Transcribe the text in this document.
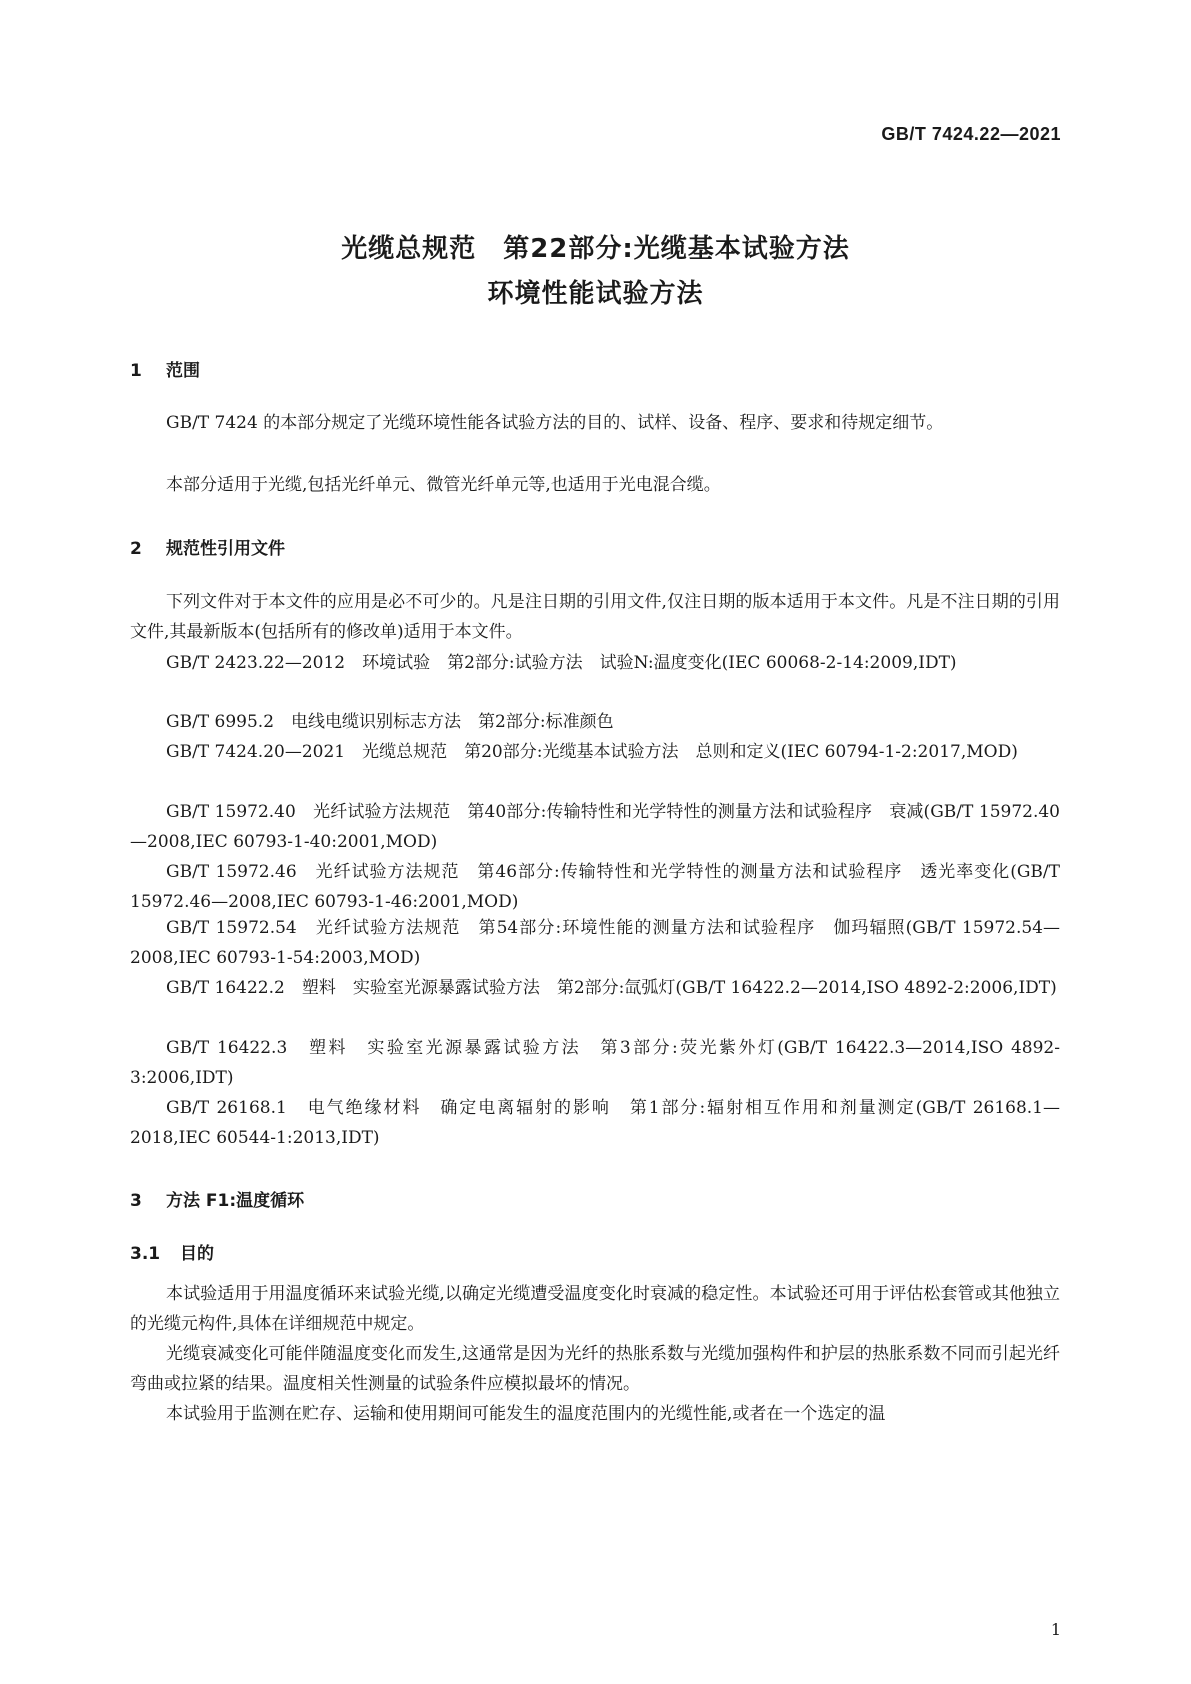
GB/T 7424.22—2021
光缆总规范　第22部分:光缆基本试验方法
环境性能试验方法
1 范围
GB/T 7424 的本部分规定了光缆环境性能各试验方法的目的、试样、设备、程序、要求和待规定细节。
本部分适用于光缆,包括光纤单元、微管光纤单元等,也适用于光电混合缆。
2 规范性引用文件
下列文件对于本文件的应用是必不可少的。凡是注日期的引用文件,仅注日期的版本适用于本文件。凡是不注日期的引用文件,其最新版本(包括所有的修改单)适用于本文件。
GB/T 2423.22—2012　环境试验　第2部分:试验方法　试验N:温度变化(IEC 60068-2-14:2009,IDT)
GB/T 6995.2　电线电缆识别标志方法　第2部分:标准颜色
GB/T 7424.20—2021　光缆总规范　第20部分:光缆基本试验方法　总则和定义(IEC 60794-1-2:2017,MOD)
GB/T 15972.40　光纤试验方法规范　第40部分:传输特性和光学特性的测量方法和试验程序　衰减(GB/T 15972.40—2008,IEC 60793-1-40:2001,MOD)
GB/T 15972.46　光纤试验方法规范　第46部分:传输特性和光学特性的测量方法和试验程序　透光率变化(GB/T 15972.46—2008,IEC 60793-1-46:2001,MOD)
GB/T 15972.54　光纤试验方法规范　第54部分:环境性能的测量方法和试验程序　伽玛辐照(GB/T 15972.54—2008,IEC 60793-1-54:2003,MOD)
GB/T 16422.2　塑料　实验室光源暴露试验方法　第2部分:氙弧灯(GB/T 16422.2—2014,ISO 4892-2:2006,IDT)
GB/T 16422.3　塑料　实验室光源暴露试验方法　第3部分:荧光紫外灯(GB/T 16422.3—2014,ISO 4892-3:2006,IDT)
GB/T 26168.1　电气绝缘材料　确定电离辐射的影响　第1部分:辐射相互作用和剂量测定(GB/T 26168.1—2018,IEC 60544-1:2013,IDT)
3 方法 F1:温度循环
3.1 目的
本试验适用于用温度循环来试验光缆,以确定光缆遭受温度变化时衰减的稳定性。本试验还可用于评估松套管或其他独立的光缆元构件,具体在详细规范中规定。
光缆衰减变化可能伴随温度变化而发生,这通常是因为光纤的热胀系数与光缆加强构件和护层的热胀系数不同而引起光纤弯曲或拉紧的结果。温度相关性测量的试验条件应模拟最坏的情况。
本试验用于监测在贮存、运输和使用期间可能发生的温度范围内的光缆性能,或者在一个选定的温
1
